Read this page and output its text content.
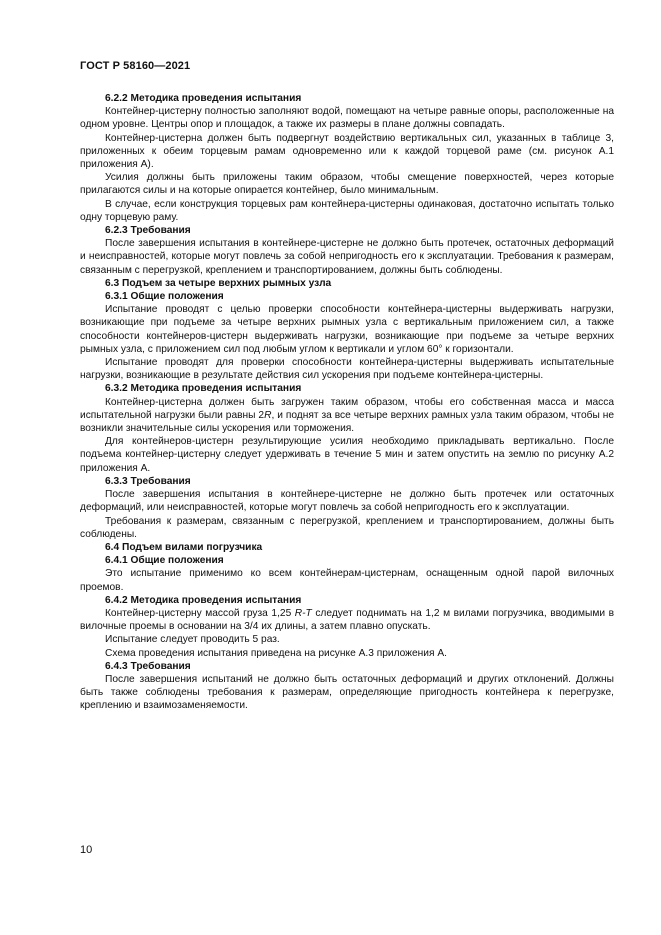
ГОСТ Р 58160—2021

6.2.2 Методика проведения испытания

Контейнер-цистерну полностью заполняют водой, помещают на четыре равные опоры, расположенные на одном уровне. Центры опор и площадок, а также их размеры в плане должны совпадать.

Контейнер-цистерна должен быть подвергнут воздействию вертикальных сил, указанных в таблице 3, приложенных к обеим торцевым рамам одновременно или к каждой торцевой раме (см. рисунок А.1 приложения А).

Усилия должны быть приложены таким образом, чтобы смещение поверхностей, через которые прилагаются силы и на которые опирается контейнер, было минимальным.

В случае, если конструкция торцевых рам контейнера-цистерны одинаковая, достаточно испытать только одну торцевую раму.

6.2.3 Требования

После завершения испытания в контейнере-цистерне не должно быть протечек, остаточных деформаций и неисправностей, которые могут повлечь за собой непригодность его к эксплуатации. Требования к размерам, связанным с перегрузкой, креплением и транспортированием, должны быть соблюдены.

6.3 Подъем за четыре верхних рымных узла

6.3.1 Общие положения

Испытание проводят с целью проверки способности контейнера-цистерны выдерживать нагрузки, возникающие при подъеме за четыре верхних рымных узла с вертикальным приложением сил, а также способности контейнеров-цистерн выдерживать нагрузки, возникающие при подъеме за четыре верхних рымных узла, с приложением сил под любым углом к вертикали и углом 60° к горизонтали.

Испытание проводят для проверки способности контейнера-цистерны выдерживать испытательные нагрузки, возникающие в результате действия сил ускорения при подъеме контейнера-цистерны.

6.3.2 Методика проведения испытания

Контейнер-цистерна должен быть загружен таким образом, чтобы его собственная масса и масса испытательной нагрузки были равны 2R, и поднят за все четыре верхних рамных узла таким образом, чтобы не возникли значительные силы ускорения или торможения.

Для контейнеров-цистерн результирующие усилия необходимо прикладывать вертикально. После подъема контейнер-цистерну следует удерживать в течение 5 мин и затем опустить на землю по рисунку А.2 приложения А.

6.3.3 Требования

После завершения испытания в контейнере-цистерне не должно быть протечек или остаточных деформаций, или неисправностей, которые могут повлечь за собой непригодность его к эксплуатации.

Требования к размерам, связанным с перегрузкой, креплением и транспортированием, должны быть соблюдены.

6.4 Подъем вилами погрузчика

6.4.1 Общие положения

Это испытание применимо ко всем контейнерам-цистернам, оснащенным одной парой вилочных проемов.

6.4.2 Методика проведения испытания

Контейнер-цистерну массой груза 1,25 R-T следует поднимать на 1,2 м вилами погрузчика, вводимыми в вилочные проемы в основании на 3/4 их длины, а затем плавно опускать.

Испытание следует проводить 5 раз.

Схема проведения испытания приведена на рисунке А.3 приложения А.

6.4.3 Требования

После завершения испытаний не должно быть остаточных деформаций и других отклонений. Должны быть также соблюдены требования к размерам, определяющие пригодность контейнера к перегрузке, креплению и взаимозаменяемости.

10
